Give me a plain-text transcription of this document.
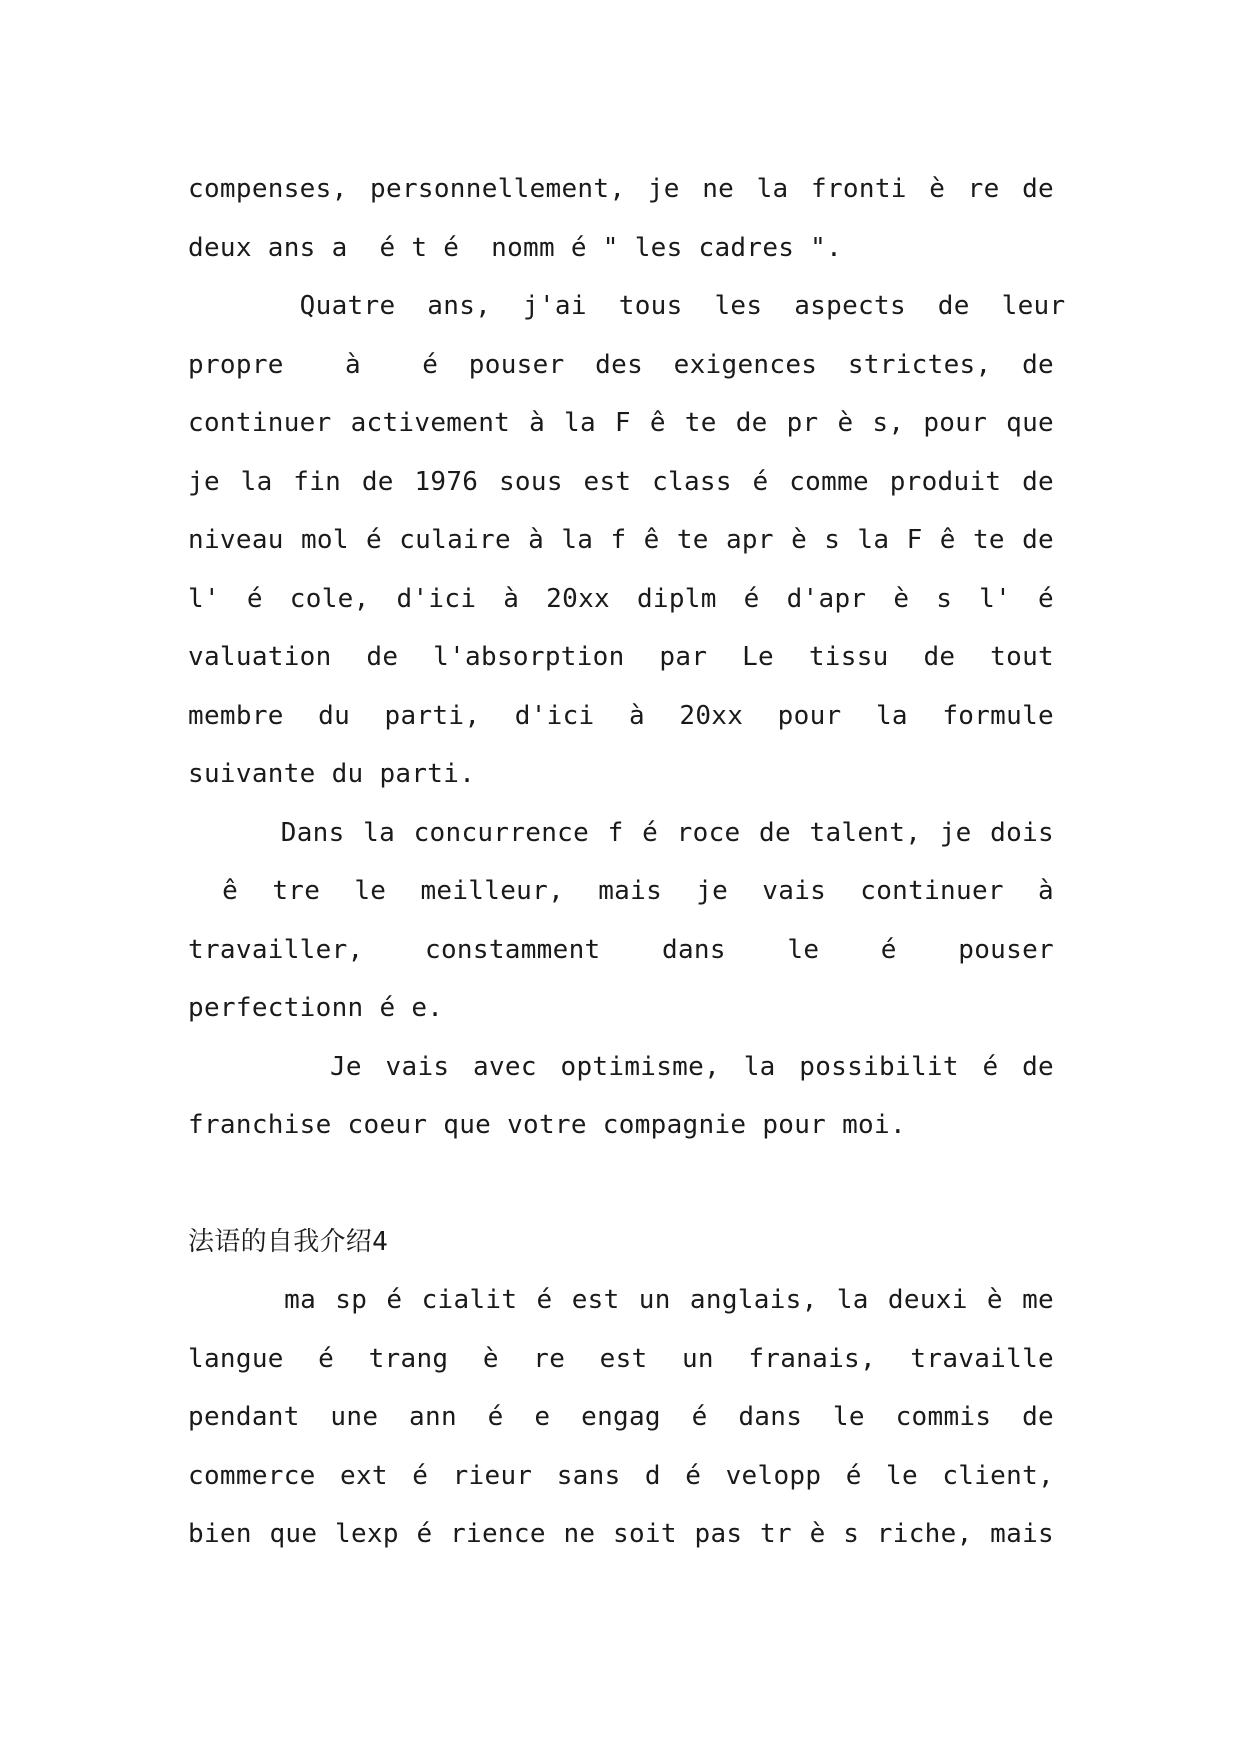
compenses, personnellement, je ne la fronti è re de
deux ans a  é t é  nomm é " les cadres ".
Quatre  ans,  j'ai  tous  les  aspects  de  leur
propre  à  é pouser des exigences strictes, de
continuer activement à la F ê te de pr è s, pour que
je la fin de 1976 sous est class é comme produit de
niveau mol é culaire à la f ê te apr è s la F ê te de
l' é cole, d'ici à 20xx diplm é d'apr è s l' é
valuation de l'absorption par Le tissu de tout
membre du parti, d'ici à 20xx pour la formule
suivante du parti.
Dans la concurrence f é roce de talent, je dois
ê tre le meilleur, mais je vais continuer à
travailler, constamment dans le é pouser
perfectionn é e.
Je vais avec optimisme, la possibilit é de
franchise coeur que votre compagnie pour moi.
法语的自我介绍4
ma sp é cialit é est un anglais, la deuxi è me
langue é trang è re est un franais, travaille
pendant une ann é e engag é dans le commis de
commerce ext é rieur sans d é velopp é le client,
bien que lexp é rience ne soit pas tr è s riche, mais
